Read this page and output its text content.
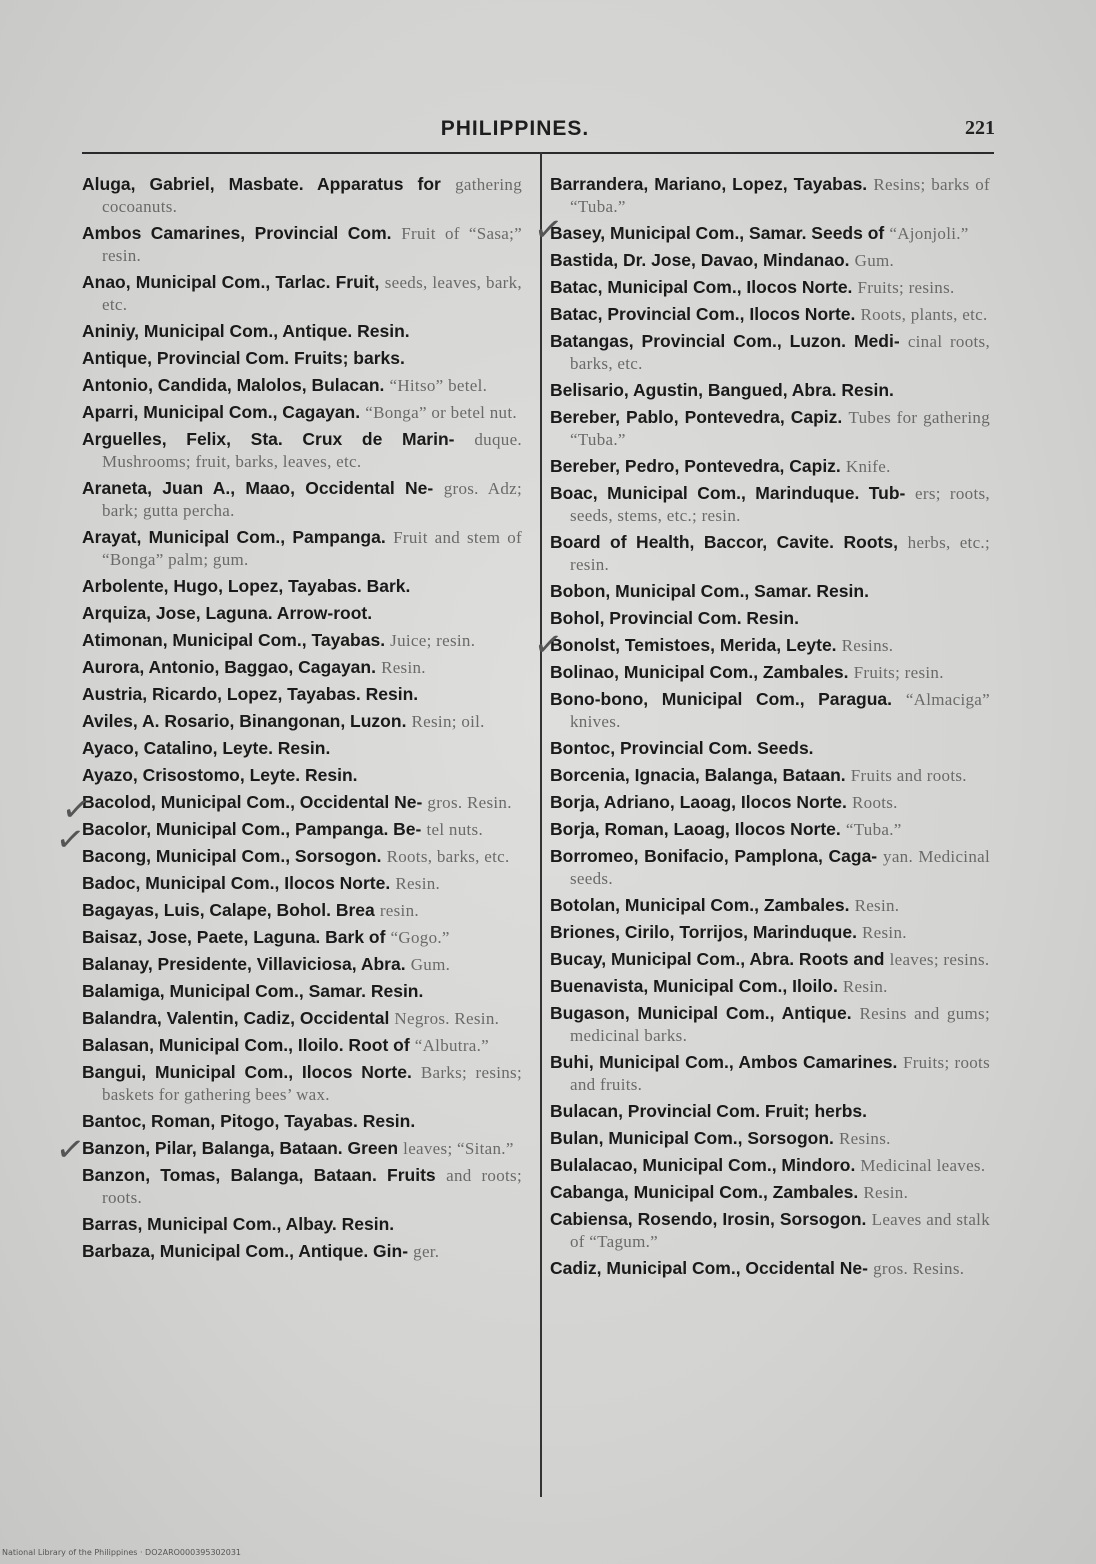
PHILIPPINES.	221
Aluga, Gabriel, Masbate. Apparatus for gathering cocoanuts.
Ambos Camarines, Provincial Com. Fruit of “Sasa;” resin.
Anao, Municipal Com., Tarlac. Fruit, seeds, leaves, bark, etc.
Aniniy, Municipal Com., Antique. Resin.
Antique, Provincial Com. Fruits; barks.
Antonio, Candida, Malolos, Bulacan. “Hitso” betel.
Aparri, Municipal Com., Cagayan. “Bonga” or betel nut.
Arguelles, Felix, Sta. Crux de Marin- duque. Mushrooms; fruit, barks, leaves, etc.
Araneta, Juan A., Maao, Occidental Ne- gros. Adz; bark; gutta percha.
Arayat, Municipal Com., Pampanga. Fruit and stem of “Bonga” palm; gum.
Arbolente, Hugo, Lopez, Tayabas. Bark.
Arquiza, Jose, Laguna. Arrow-root.
Atimonan, Municipal Com., Tayabas. Juice; resin.
Aurora, Antonio, Baggao, Cagayan. Resin.
Austria, Ricardo, Lopez, Tayabas. Resin.
Aviles, A. Rosario, Binangonan, Luzon. Resin; oil.
Ayaco, Catalino, Leyte. Resin.
Ayazo, Crisostomo, Leyte. Resin.
Bacolod, Municipal Com., Occidental Ne- gros. Resin.
Bacolor, Municipal Com., Pampanga. Be- tel nuts.
Bacong, Municipal Com., Sorsogon. Roots, barks, etc.
Badoc, Municipal Com., Ilocos Norte. Resin.
Bagayas, Luis, Calape, Bohol. Brea resin.
Baisaz, Jose, Paete, Laguna. Bark of “Gogo.”
Balanay, Presidente, Villaviciosa, Abra. Gum.
Balamiga, Municipal Com., Samar. Resin.
Balandra, Valentin, Cadiz, Occidental Negros. Resin.
Balasan, Municipal Com., Iloilo. Root of “Albutra.”
Bangui, Municipal Com., Ilocos Norte. Barks; resins; baskets for gathering bees’ wax.
Bantoc, Roman, Pitogo, Tayabas. Resin.
Banzon, Pilar, Balanga, Bataan. Green leaves; “Sitan.”
Banzon, Tomas, Balanga, Bataan. Fruits and roots; roots.
Barras, Municipal Com., Albay. Resin.
Barbaza, Municipal Com., Antique. Gin- ger.
Barrandera, Mariano, Lopez, Tayabas. Resins; barks of “Tuba.”
Basey, Municipal Com., Samar. Seeds of “Ajonjoli.”
Bastida, Dr. Jose, Davao, Mindanao. Gum.
Batac, Municipal Com., Ilocos Norte. Fruits; resins.
Batac, Provincial Com., Ilocos Norte. Roots, plants, etc.
Batangas, Provincial Com., Luzon. Medi- cinal roots, barks, etc.
Belisario, Agustin, Bangued, Abra. Resin.
Bereber, Pablo, Pontevedra, Capiz. Tubes for gathering “Tuba.”
Bereber, Pedro, Pontevedra, Capiz. Knife.
Boac, Municipal Com., Marinduque. Tub- ers; roots, seeds, stems, etc.; resin.
Board of Health, Baccor, Cavite. Roots, herbs, etc.; resin.
Bobon, Municipal Com., Samar. Resin.
Bohol, Provincial Com. Resin.
Bonolst, Temistoes, Merida, Leyte. Resins.
Bolinao, Municipal Com., Zambales. Fruits; resin.
Bono-bono, Municipal Com., Paragua. “Almaciga” knives.
Bontoc, Provincial Com. Seeds.
Borcenia, Ignacia, Balanga, Bataan. Fruits and roots.
Borja, Adriano, Laoag, Ilocos Norte. Roots.
Borja, Roman, Laoag, Ilocos Norte. “Tuba.”
Borromeo, Bonifacio, Pamplona, Caga- yan. Medicinal seeds.
Botolan, Municipal Com., Zambales. Resin.
Briones, Cirilo, Torrijos, Marinduque. Resin.
Bucay, Municipal Com., Abra. Roots and leaves; resins.
Buenavista, Municipal Com., Iloilo. Resin.
Bugason, Municipal Com., Antique. Resins and gums; medicinal barks.
Buhi, Municipal Com., Ambos Camarines. Fruits; roots and fruits.
Bulacan, Provincial Com. Fruit; herbs.
Bulan, Municipal Com., Sorsogon. Resins.
Bulalacao, Municipal Com., Mindoro. Medicinal leaves.
Cabanga, Municipal Com., Zambales. Resin.
Cabiensa, Rosendo, Irosin, Sorsogon. Leaves and stalk of “Tagum.”
Cadiz, Municipal Com., Occidental Ne- gros. Resins.
✓
✓
✓
✓
✓
National Library of the Philippines · DO2ARO000395302031
